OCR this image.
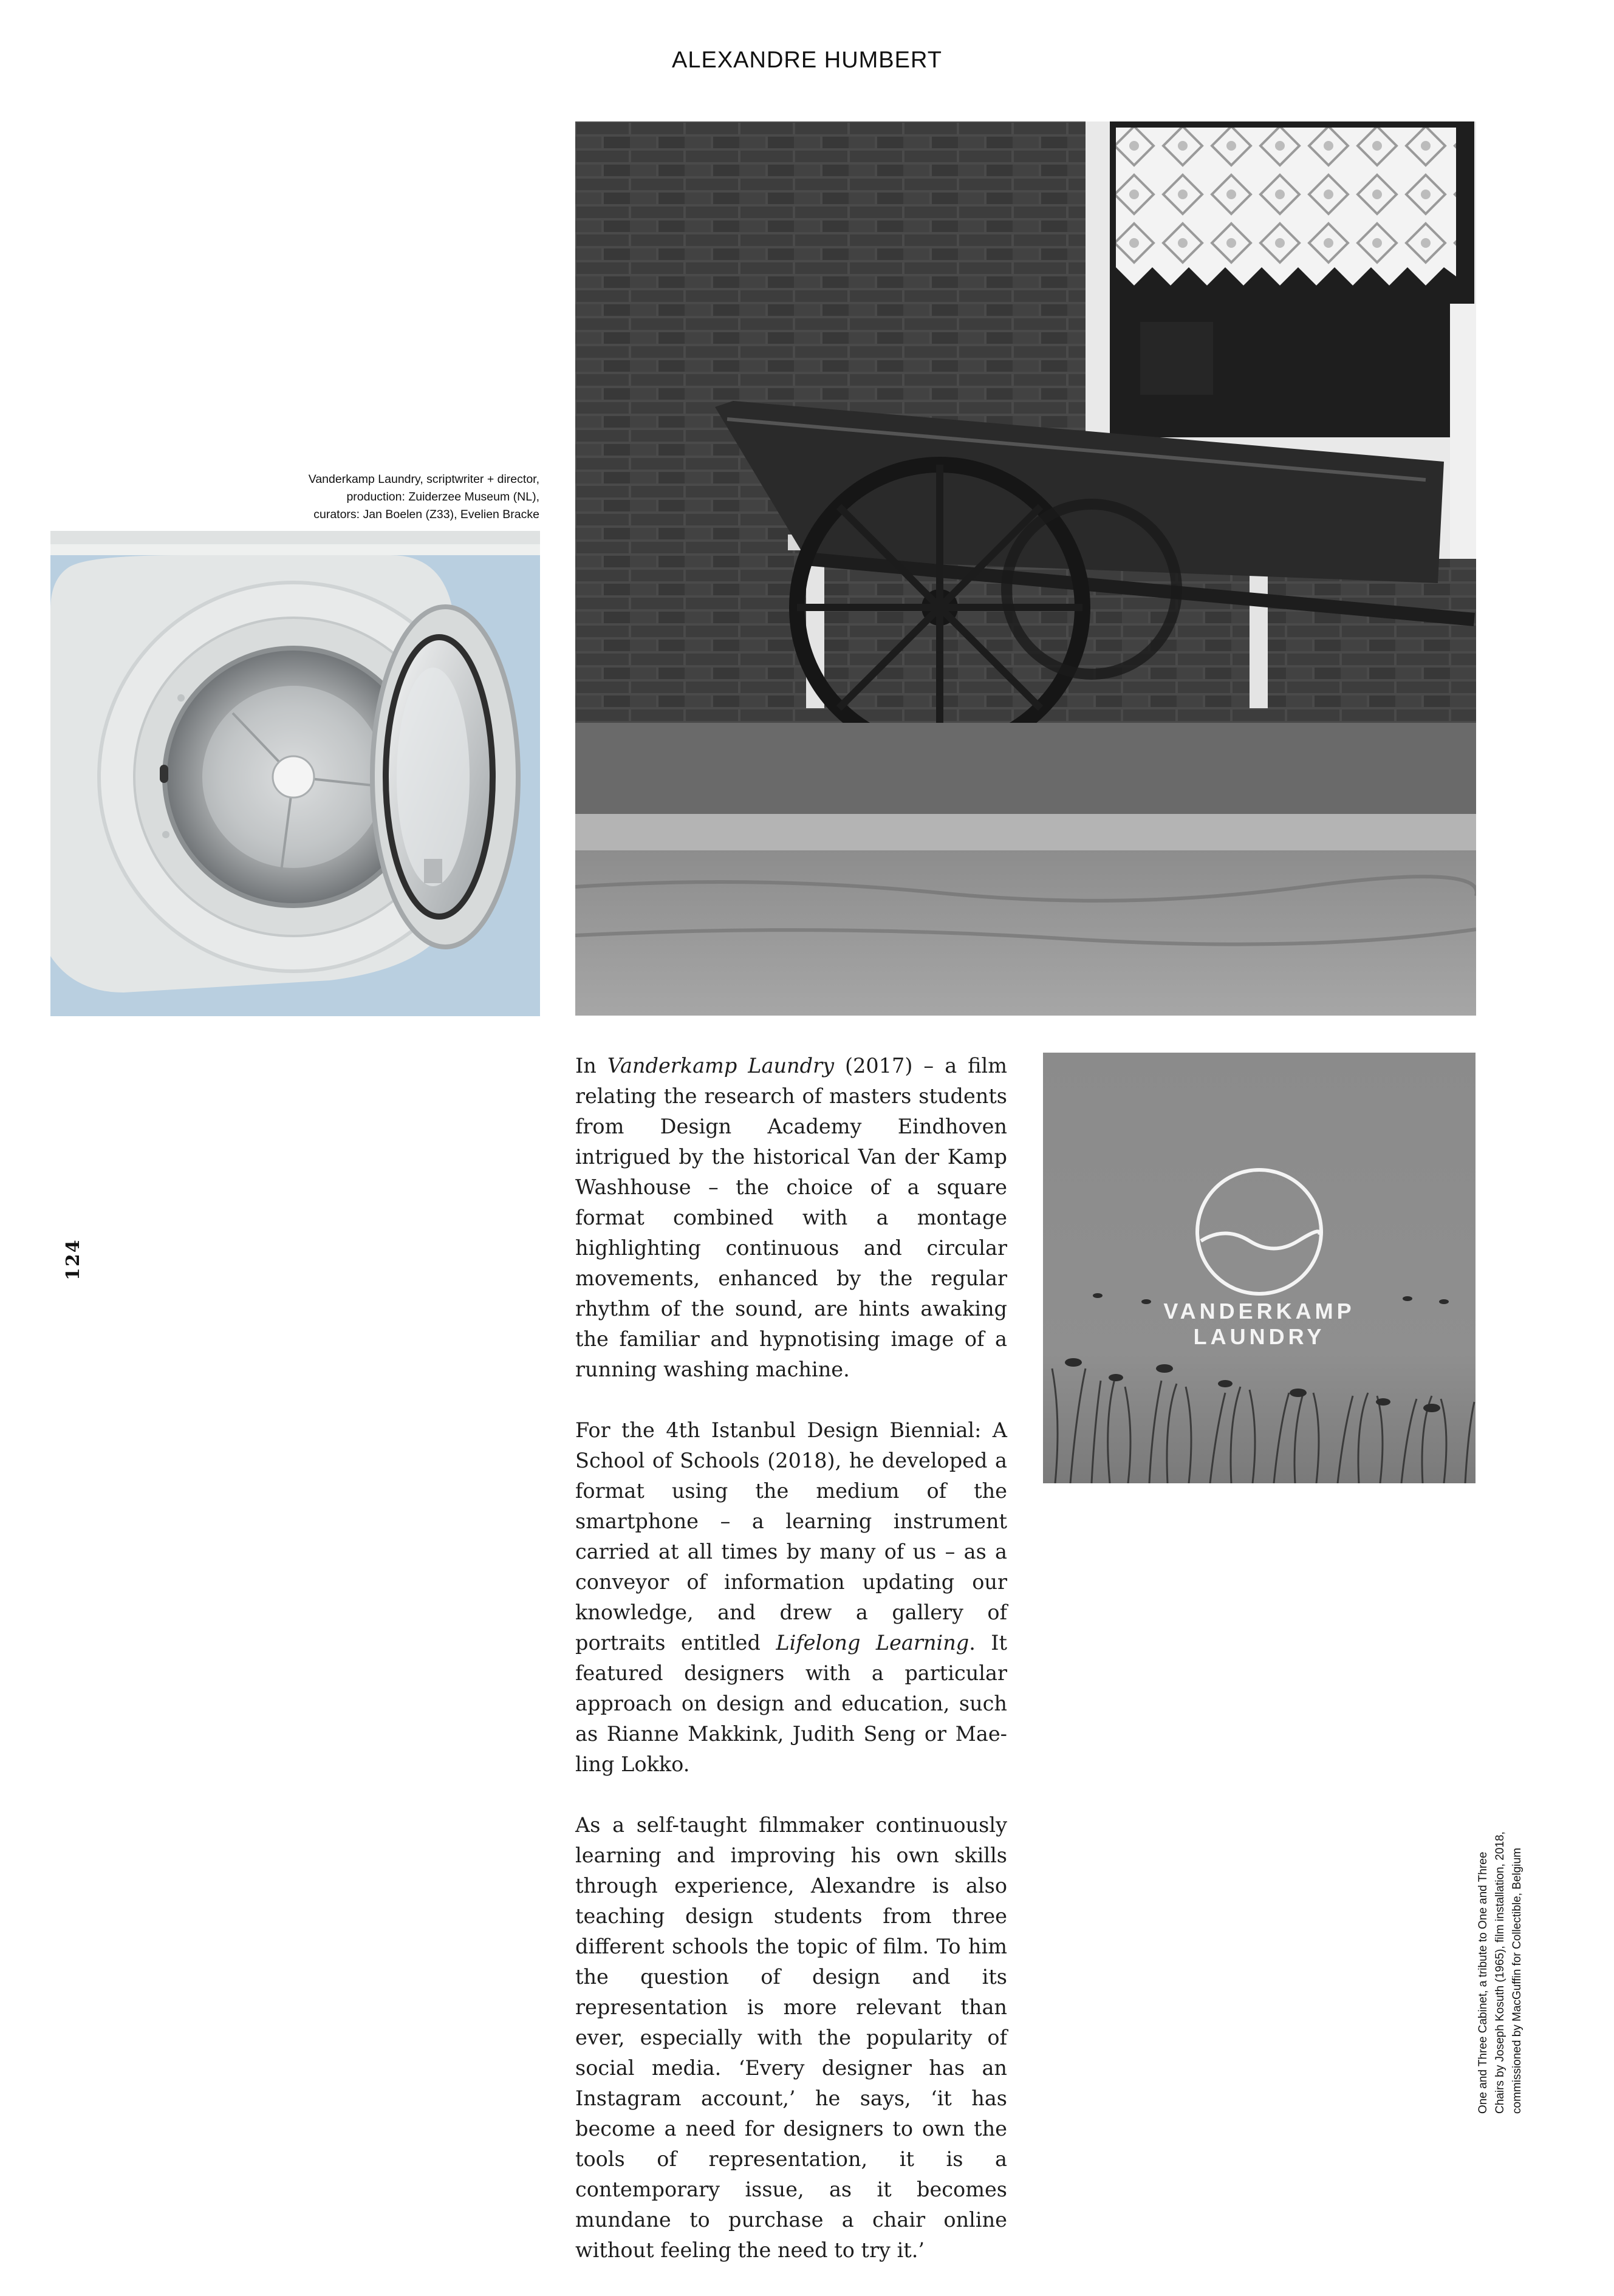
ALEXANDRE HUMBERT
Vanderkamp Laundry, scriptwriter + director,
production: Zuiderzee Museum (NL),
curators: Jan Boelen (Z33), Evelien Bracke
124

In Vanderkamp Laundry (2017) – a film relating the research of masters students from Design Academy Eindhoven intrigued by the historical Van der Kamp Washhouse – the choice of a square format combined with a montage highlighting continuous and circular movements, enhanced by the regular rhythm of the sound, are hints awaking the familiar and hypnotising image of a running washing machine.

For the 4th Istanbul Design Biennial: A School of Schools (2018), he developed a format using the medium of the smartphone – a learning instrument carried at all times by many of us – as a conveyor of information updating our knowledge, and drew a gallery of portraits entitled Lifelong Learning. It featured designers with a particular approach on design and education, such as Rianne Makkink, Judith Seng or Mae-ling Lokko.

As a self-taught filmmaker continuously learning and improving his own skills through experience, Alexandre is also teaching design students from three different schools the topic of film. To him the question of design and its representation is more relevant than ever, especially with the popularity of social media. ‘Every designer has an Instagram account,’ he says, ‘it has become a need for designers to own the tools of representation, it is a contemporary issue, as it becomes mundane to purchase a chair online without feeling the need to try it.’

VANDERKAMP
LAUNDRY
One and Three Cabinet, a tribute to One and Three Chairs by Joseph Kosuth (1965), film installation, 2018, commissioned by MacGuffin for Collectible, Belgium
